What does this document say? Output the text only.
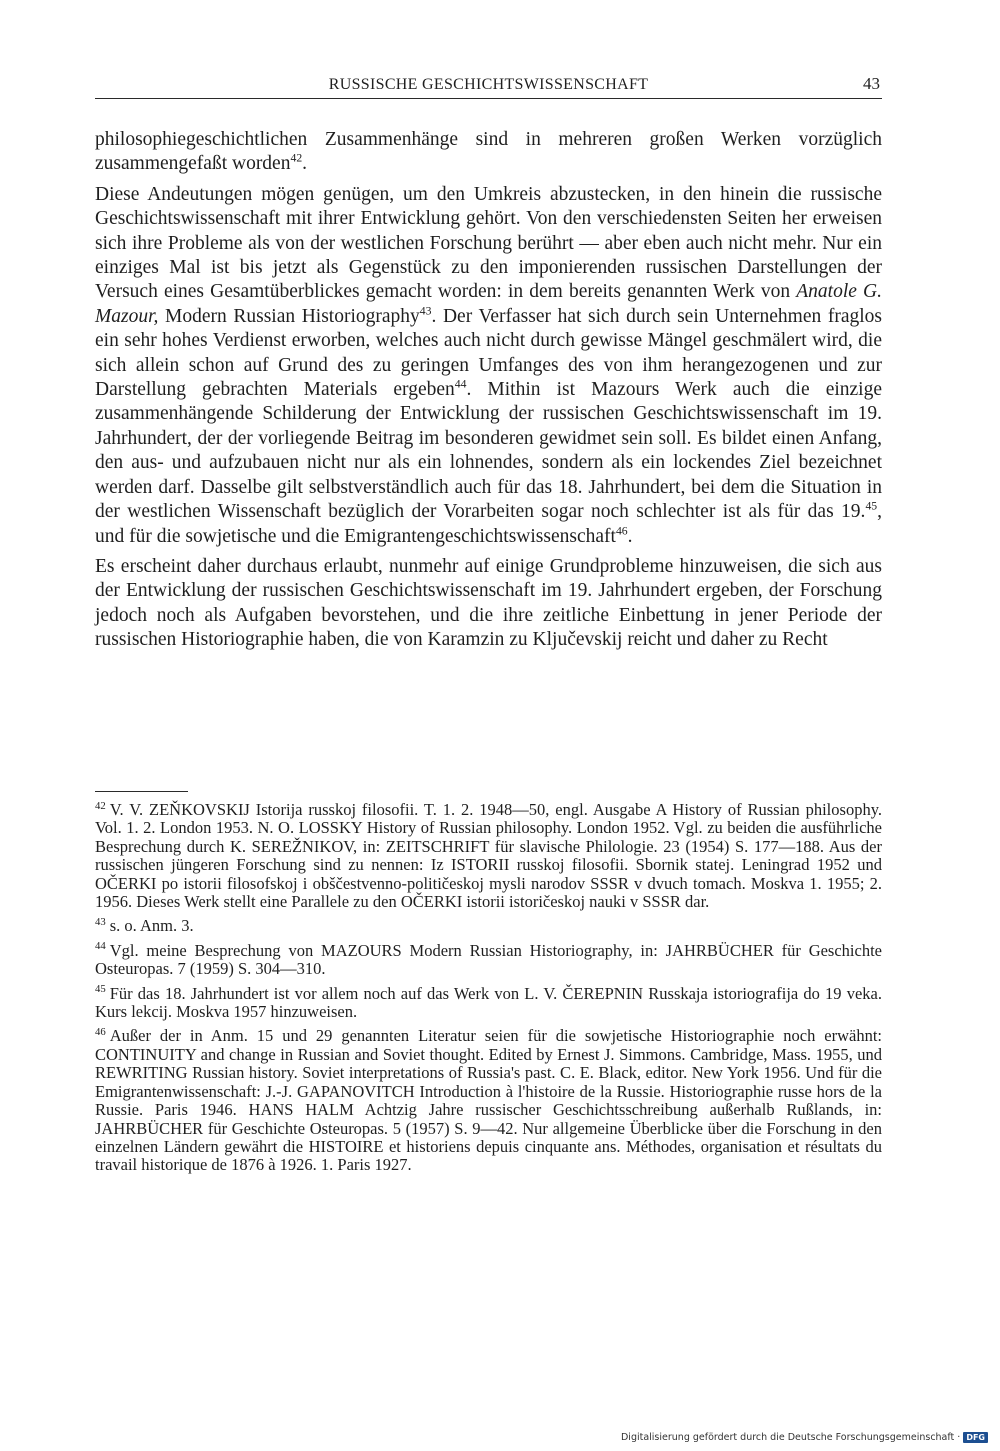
RUSSISCHE GESCHICHTSWISSENSCHAFT	43

philosophiegeschichtlichen Zusammenhänge sind in mehreren großen Werken vorzüglich zusammengefaßt worden$^{42}$.

Diese Andeutungen mögen genügen, um den Umkreis abzustecken, in den hinein die russische Geschichtswissenschaft mit ihrer Entwicklung gehört. Von den verschiedensten Seiten her erweisen sich ihre Probleme als von der westlichen Forschung berührt — aber eben auch nicht mehr. Nur ein einziges Mal ist bis jetzt als Gegenstück zu den imponierenden russischen Darstellungen der Versuch eines Gesamtüberblickes gemacht worden: in dem bereits genannten Werk von Anatole G. Mazour, Modern Russian Historiography$^{43}$. Der Verfasser hat sich durch sein Unternehmen fraglos ein sehr hohes Verdienst erworben, welches auch nicht durch gewisse Mängel geschmälert wird, die sich allein schon auf Grund des zu geringen Umfanges des von ihm herangezogenen und zur Darstellung gebrachten Materials ergeben$^{44}$. Mithin ist Mazours Werk auch die einzige zusammenhängende Schilderung der Entwicklung der russischen Geschichtswissenschaft im 19. Jahrhundert, der der vorliegende Beitrag im besonderen gewidmet sein soll. Es bildet einen Anfang, den aus- und aufzubauen nicht nur als ein lohnendes, sondern als ein lockendes Ziel bezeichnet werden darf. Dasselbe gilt selbstverständlich auch für das 18. Jahrhundert, bei dem die Situation in der westlichen Wissenschaft bezüglich der Vorarbeiten sogar noch schlechter ist als für das 19.45, und für die sowjetische und die Emigrantengeschichtswissenschaft$^{46}$.

Es erscheint daher durchaus erlaubt, nunmehr auf einige Grundprobleme hinzuweisen, die sich aus der Entwicklung der russischen Geschichtswissenschaft im 19. Jahrhundert ergeben, der Forschung jedoch noch als Aufgaben bevorstehen, und die ihre zeitliche Einbettung in jener Periode der russischen Historiographie haben, die von Karamzin zu Ključevskij reicht und daher zu Recht

$^{42}$ V. V. ZEŇKOVSKIJ Istorija russkoj filosofii. T. 1. 2. 1948—50, engl. Ausgabe A History of Russian philosophy. Vol. 1. 2. London 1953. N. O. LOSSKY History of Russian philosophy. London 1952. Vgl. zu beiden die ausführliche Besprechung durch K. SEREŽNIKOV, in: ZEITSCHRIFT für slavische Philologie. 23 (1954) S. 177—188. Aus der russischen jüngeren Forschung sind zu nennen: Iz ISTORII russkoj filosofii. Sbornik statej. Leningrad 1952 und OČERKI po istorii filosofskoj i obščestvenno-političeskoj mysli narodov SSSR v dvuch tomach. Moskva 1. 1955; 2. 1956. Dieses Werk stellt eine Parallele zu den OČERKI istorii istoričeskoj nauki v SSSR dar.

$^{43}$ s. o. Anm. 3.

$^{44}$ Vgl. meine Besprechung von MAZOURS Modern Russian Historiography, in: JAHRBÜCHER für Geschichte Osteuropas. 7 (1959) S. 304—310.

$^{45}$ Für das 18. Jahrhundert ist vor allem noch auf das Werk von L. V. ČEREPNIN Russkaja istoriografija do 19 veka. Kurs lekcij. Moskva 1957 hinzuweisen.

$^{46}$ Außer der in Anm. 15 und 29 genannten Literatur seien für die sowjetische Historiographie noch erwähnt: CONTINUITY and change in Russian and Soviet thought. Edited by Ernest J. Simmons. Cambridge, Mass. 1955, und REWRITING Russian history. Soviet interpretations of Russia's past. C. E. Black, editor. New York 1956. Und für die Emigrantenwissenschaft: J.-J. GAPANOVITCH Introduction à l'histoire de la Russie. Historiographie russe hors de la Russie. Paris 1946. HANS HALM Achtzig Jahre russischer Geschichtsschreibung außerhalb Rußlands, in: JAHRBÜCHER für Geschichte Osteuropas. 5 (1957) S. 9—42. Nur allgemeine Überblicke über die Forschung in den einzelnen Ländern gewährt die HISTOIRE et historiens depuis cinquante ans. Méthodes, organisation et résultats du travail historique de 1876 à 1926. 1. Paris 1927.

Digitalisierung gefördert durch die Deutsche Forschungsgemeinschaft · DFG
